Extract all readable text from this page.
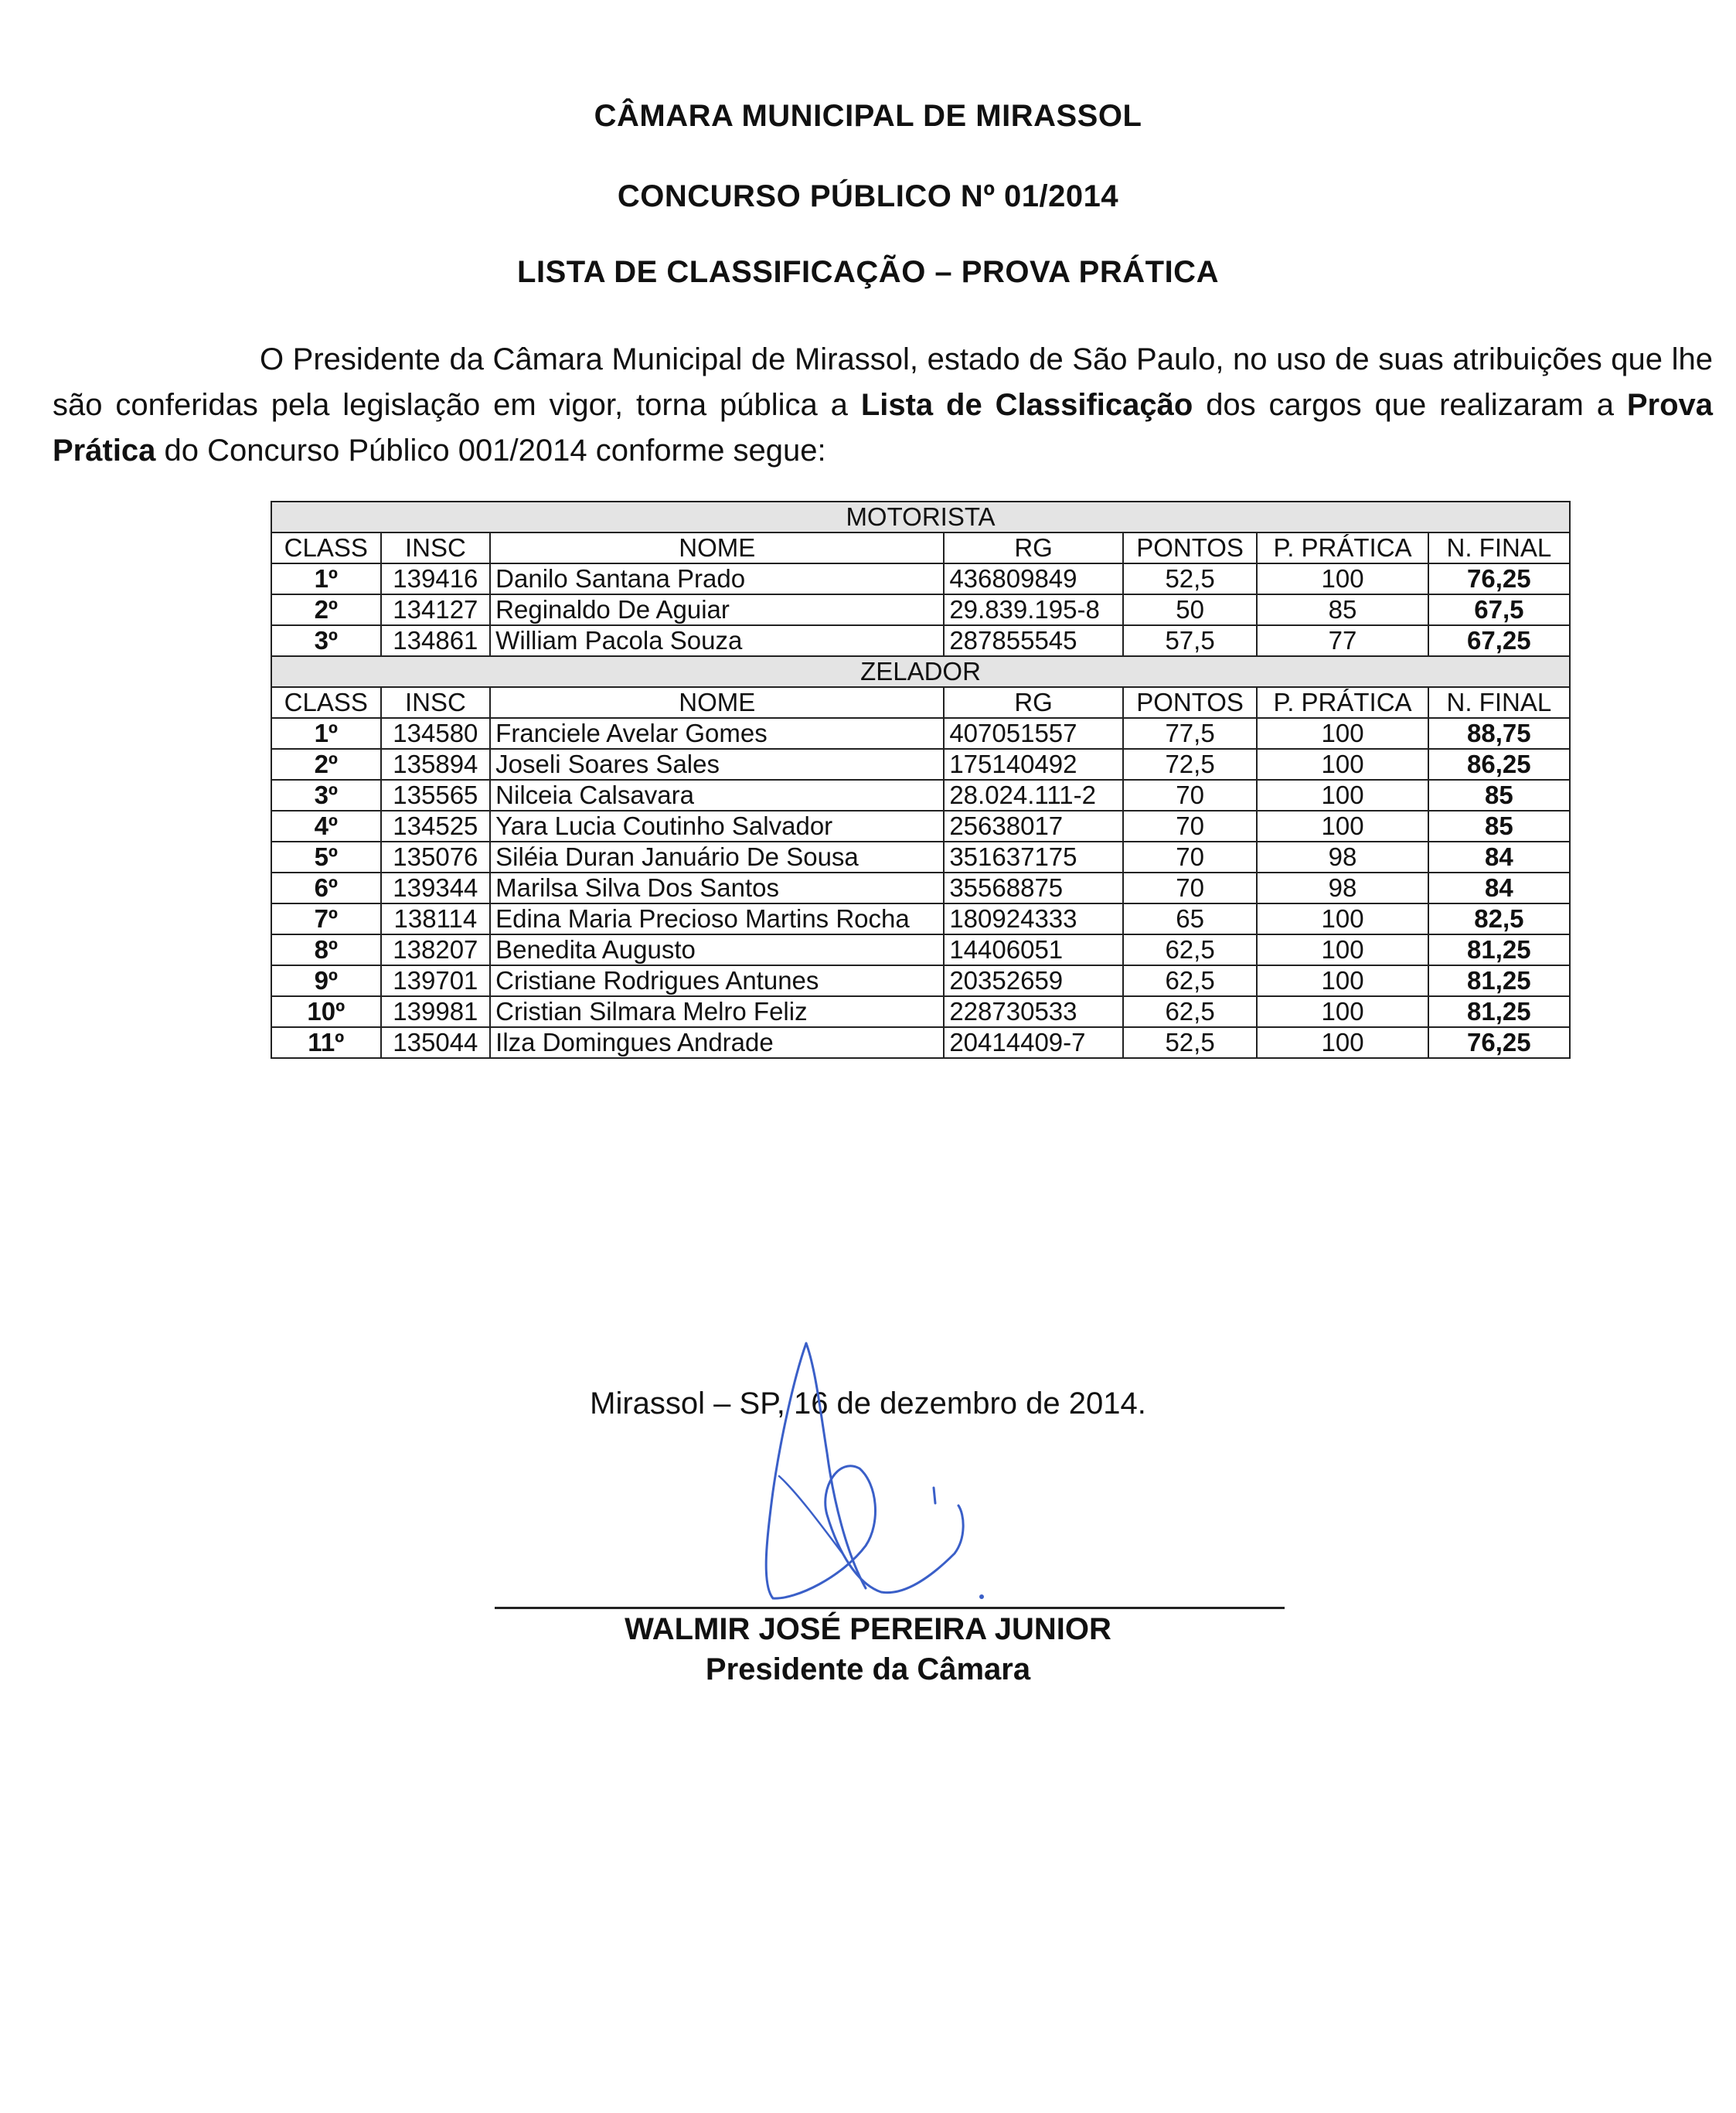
CÂMARA MUNICIPAL DE MIRASSOL
CONCURSO PÚBLICO Nº 01/2014
LISTA DE CLASSIFICAÇÃO – PROVA PRÁTICA
O Presidente da Câmara Municipal de Mirassol, estado de São Paulo, no uso de suas atribuições que lhe são conferidas pela legislação em vigor, torna pública a Lista de Classificação dos cargos que realizaram a Prova Prática do Concurso Público 001/2014 conforme segue:
MOTORISTA						
CLASS	INSC	NOME	RG	PONTOS	P. PRÁTICA	N. FINAL
1º	139416	Danilo Santana Prado	436809849	52,5	100	76,25
2º	134127	Reginaldo De Aguiar	29.839.195-8	50	85	67,5
3º	134861	William Pacola Souza	287855545	57,5	77	67,25
ZELADOR						
CLASS	INSC	NOME	RG	PONTOS	P. PRÁTICA	N. FINAL
1º	134580	Franciele Avelar Gomes	407051557	77,5	100	88,75
2º	135894	Joseli Soares Sales	175140492	72,5	100	86,25
3º	135565	Nilceia Calsavara	28.024.111-2	70	100	85
4º	134525	Yara Lucia Coutinho Salvador	25638017	70	100	85
5º	135076	Siléia Duran Januário De Sousa	351637175	70	98	84
6º	139344	Marilsa Silva Dos Santos	35568875	70	98	84
7º	138114	Edina Maria Precioso Martins Rocha	180924333	65	100	82,5
8º	138207	Benedita Augusto	14406051	62,5	100	81,25
9º	139701	Cristiane Rodrigues Antunes	20352659	62,5	100	81,25
10º	139981	Cristian Silmara Melro Feliz	228730533	62,5	100	81,25
11º	135044	Ilza Domingues Andrade	20414409-7	52,5	100	76,25
Mirassol – SP, 16 de dezembro de 2014.
WALMIR JOSÉ PEREIRA JUNIOR
Presidente da Câmara
